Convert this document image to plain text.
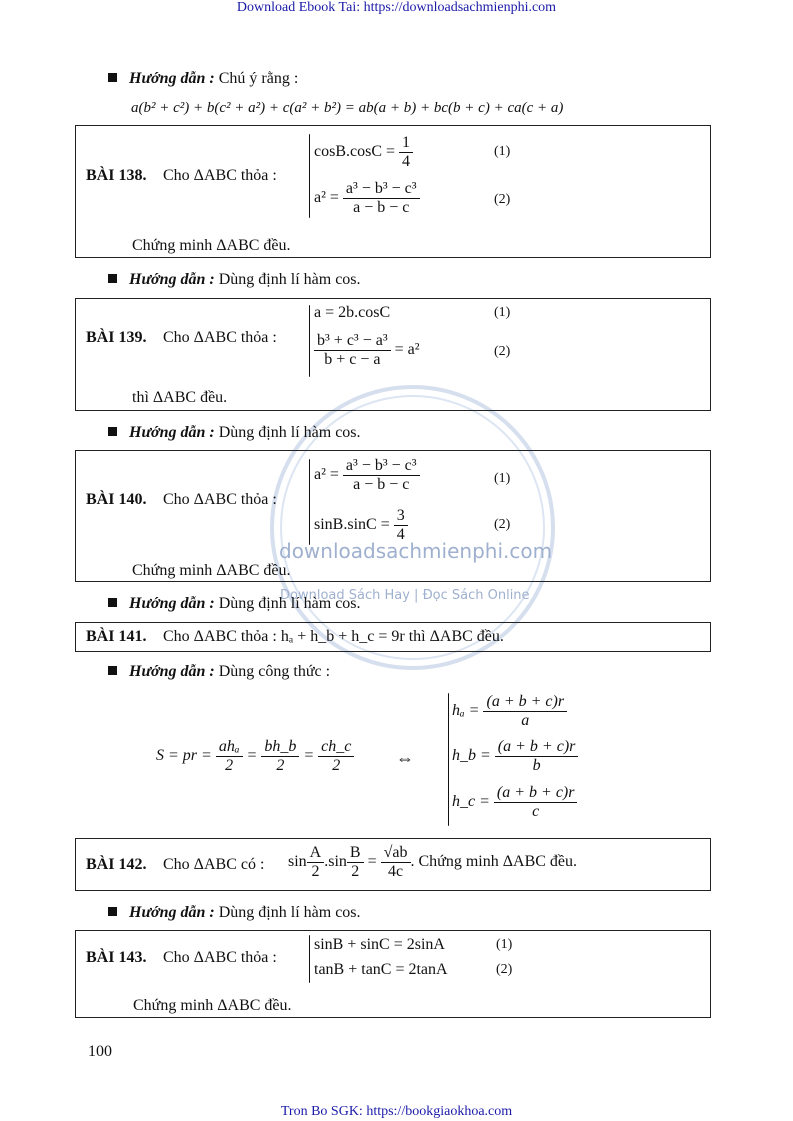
Download Ebook Tai: https://downloadsachmienphi.com
Tron Bo SGK: https://bookgiaokhoa.com
downloadsachmienphi.com
Download Sách Hay | Đọc Sách Online
Hướng dẫn : Chú ý rằng :
a(b² + c²) + b(c² + a²) + c(a² + b²) = ab(a + b) + bc(b + c) + ca(c + a)
BÀI 138. Cho ΔABC thỏa :
$\cos B.\cos C = \frac{1}{4}$	(1)
$a^2 = \frac{\text{a³ − b³ − c³}}{a - b - c}$	(2)
Chứng minh ΔABC đều.
Hướng dẫn : Dùng định lí hàm cos.
BÀI 139. Cho ΔABC thỏa :
a = 2b.cosC	(1)
$\frac{\text{b³ + c³ − a³}}{b + c - a} = a^2$	(2)
thì ΔABC đều.
Hướng dẫn : Dùng định lí hàm cos.
BÀI 140. Cho ΔABC thỏa :
$a^2 = \frac{\text{a³ − b³ − c³}}{a - b - c}$	(1)
$\sin B.\sin C = \frac{3}{4}$	(2)
Chứng minh ΔABC đều.
Hướng dẫn : Dùng định lí hàm cos.
BÀI 141. Cho ΔABC thỏa : hₐ + h_b + h_c = 9r thì ΔABC đều.
Hướng dẫn : Dùng công thức :
S = pr = $\frac{\text{ahₐ}}{2} = \frac{bh\_b}{2} = \frac{ch\_c}{2}$ ⇔
$h_a = \frac{(a + b + c)r}{a}$
h_b = $\frac{(a + b + c)r}{b}$
h_c = $\frac{(a + b + c)r}{c}$
BÀI 142. Cho ΔABC có : $\sin \frac{A}{2} .\sin \frac{B}{2} = \frac{√ab}{4c}$ . Chứng minh ΔABC đều.
Hướng dẫn : Dùng định lí hàm cos.
BÀI 143. Cho ΔABC thỏa :
sinB + sinC = 2sinA	(1)
tanB + tanC = 2tanA	(2)
Chứng minh ΔABC đều.
100
